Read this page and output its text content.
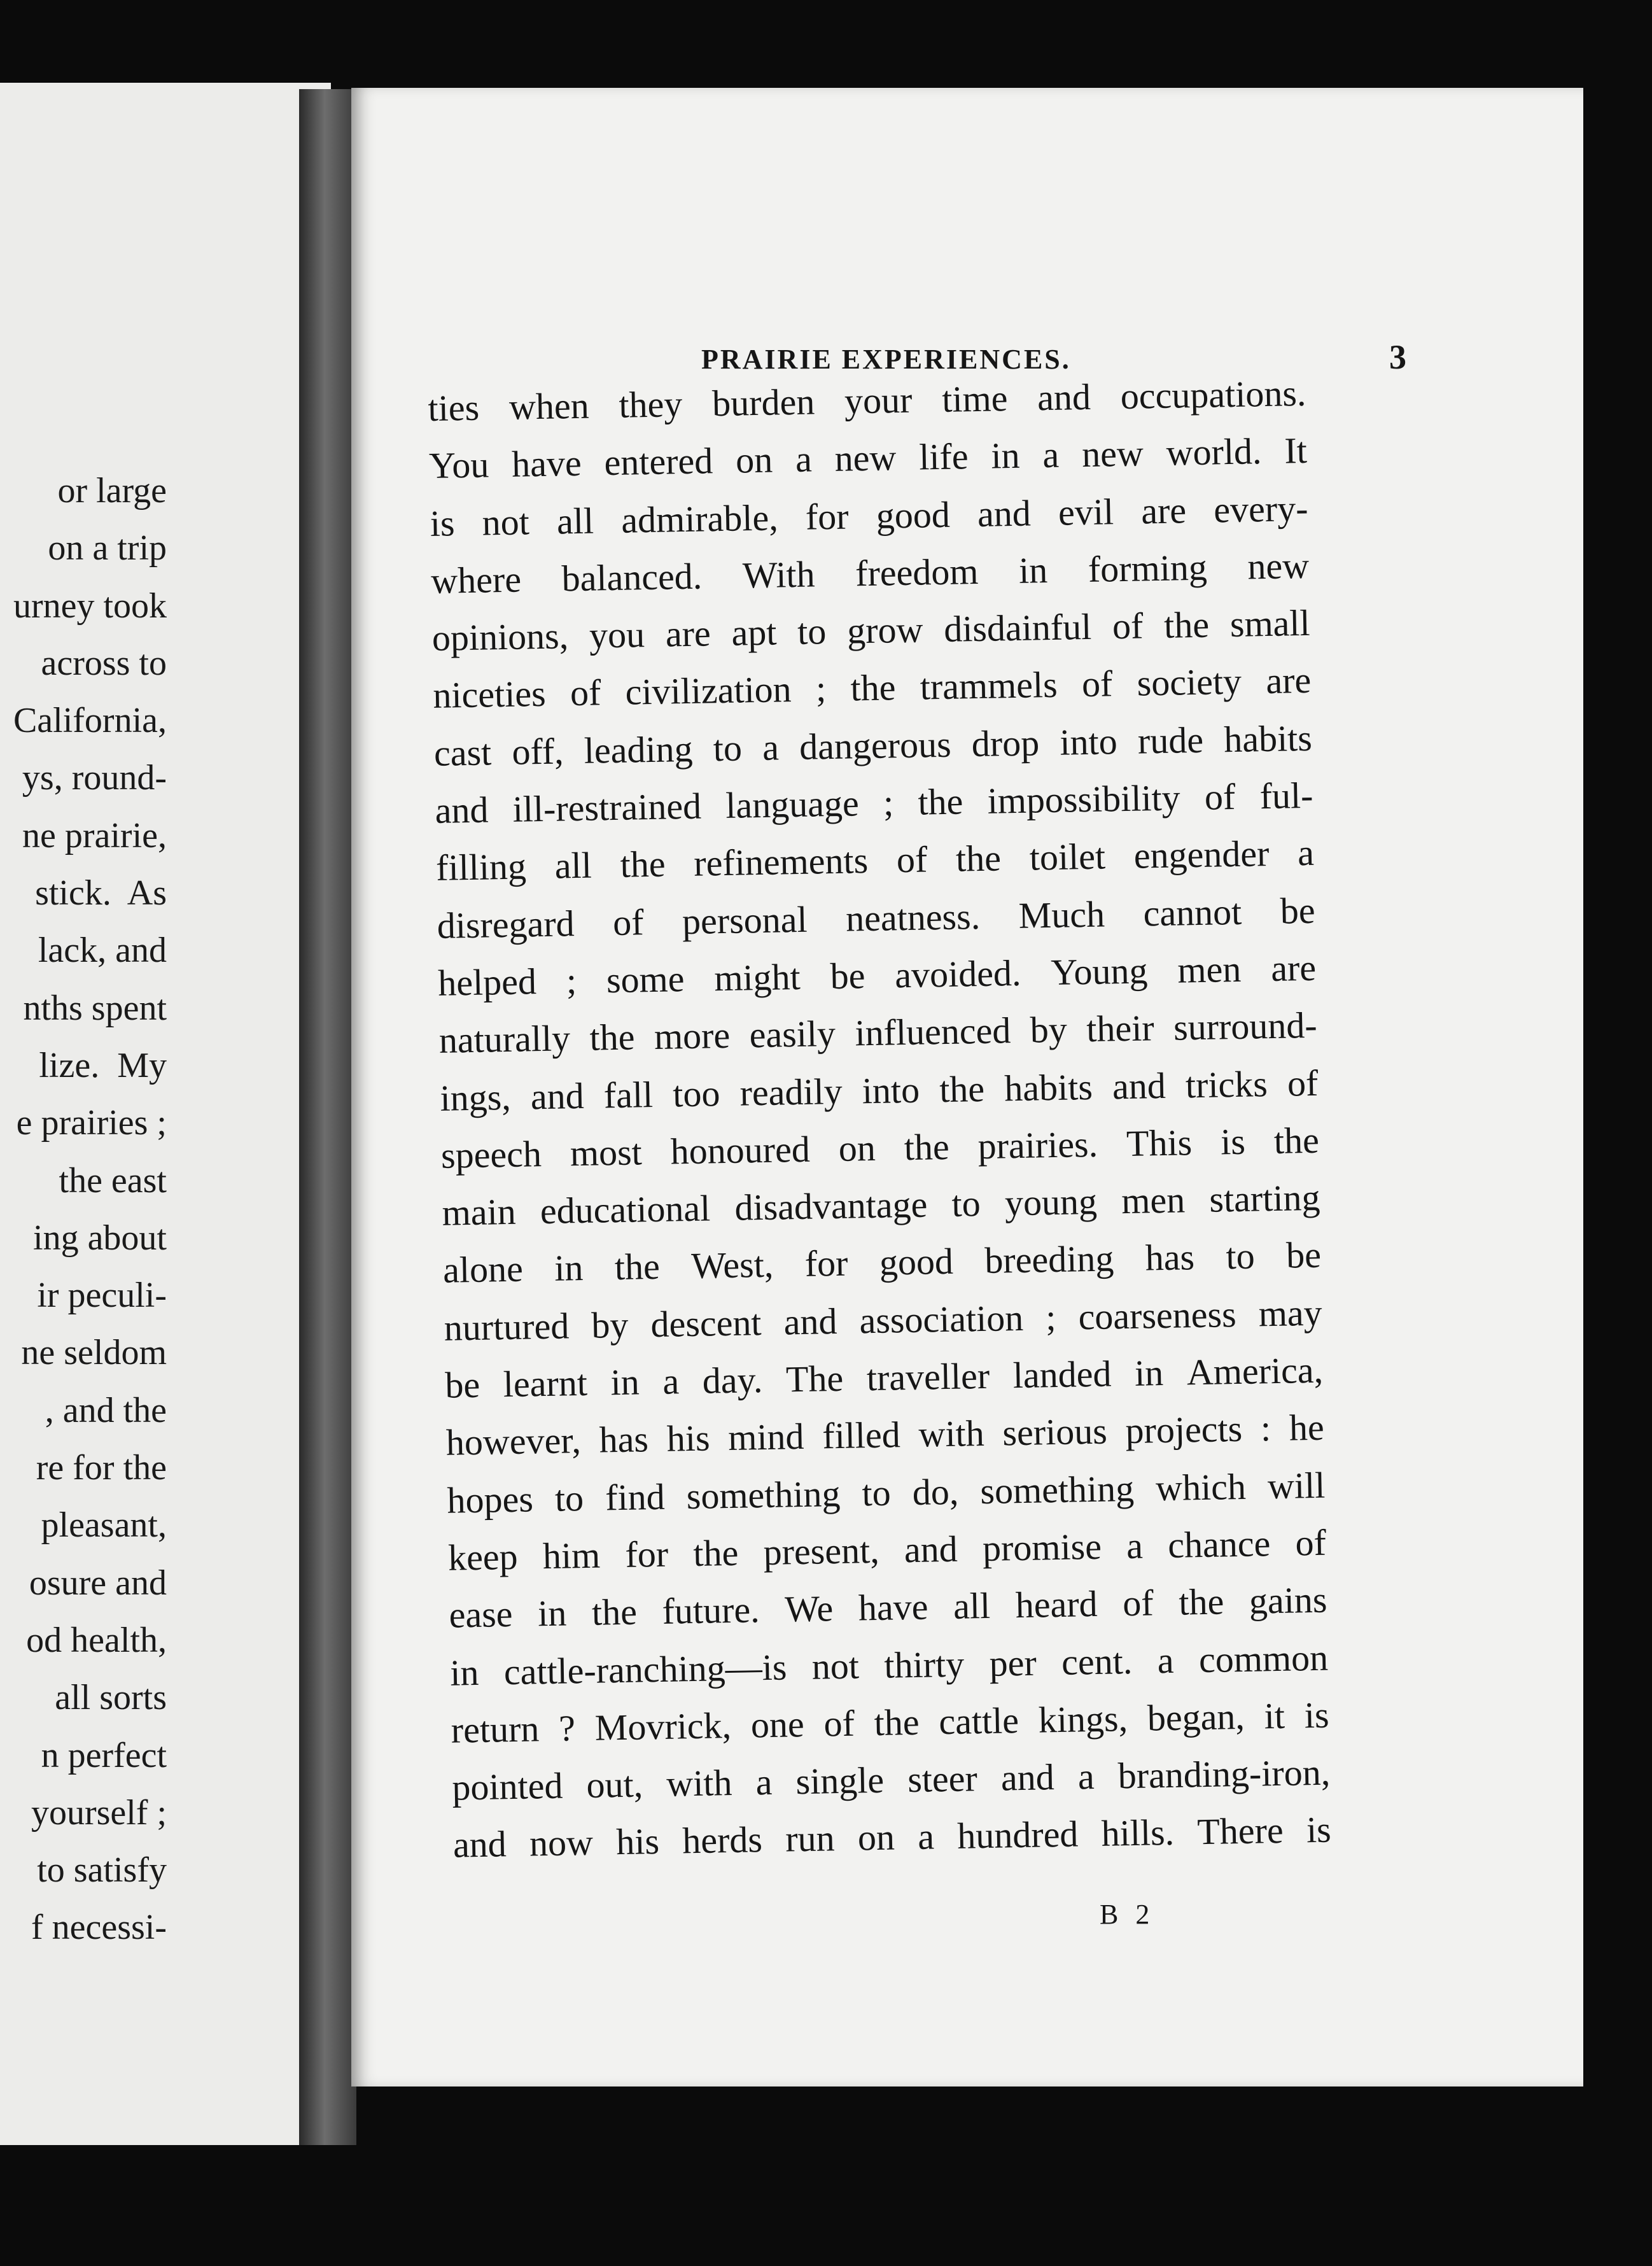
or large
on a trip
urney took
across to
California,
ys, round-
ne prairie,
stick.  As
lack, and
nths spent
lize.  My
e prairies ;
the east
ing about
ir peculi-
ne seldom
, and the
re for the
pleasant,
osure and
od health,
all sorts
n perfect
yourself ;
to satisfy
f necessi-
PRAIRIE EXPERIENCES.	3
ties when they burden your time and occupations.
You have entered on a new life in a new world. It
is not all admirable, for good and evil are every-
where balanced. With freedom in forming new
opinions, you are apt to grow disdainful of the small
niceties of civilization ; the trammels of society are
cast off, leading to a dangerous drop into rude habits
and ill-restrained language ; the impossibility of ful-
filling all the refinements of the toilet engender a
disregard of personal neatness. Much cannot be
helped ; some might be avoided. Young men are
naturally the more easily influenced by their surround-
ings, and fall too readily into the habits and tricks of
speech most honoured on the prairies. This is the
main educational disadvantage to young men starting
alone in the West, for good breeding has to be
nurtured by descent and association ; coarseness may
be learnt in a day. The traveller landed in America,
however, has his mind filled with serious projects : he
hopes to find something to do, something which will
keep him for the present, and promise a chance of
ease in the future. We have all heard of the gains
in cattle-ranching—is not thirty per cent. a common
return ? Movrick, one of the cattle kings, began, it is
pointed out, with a single steer and a branding-iron,
and now his herds run on a hundred hills. There is
B 2
